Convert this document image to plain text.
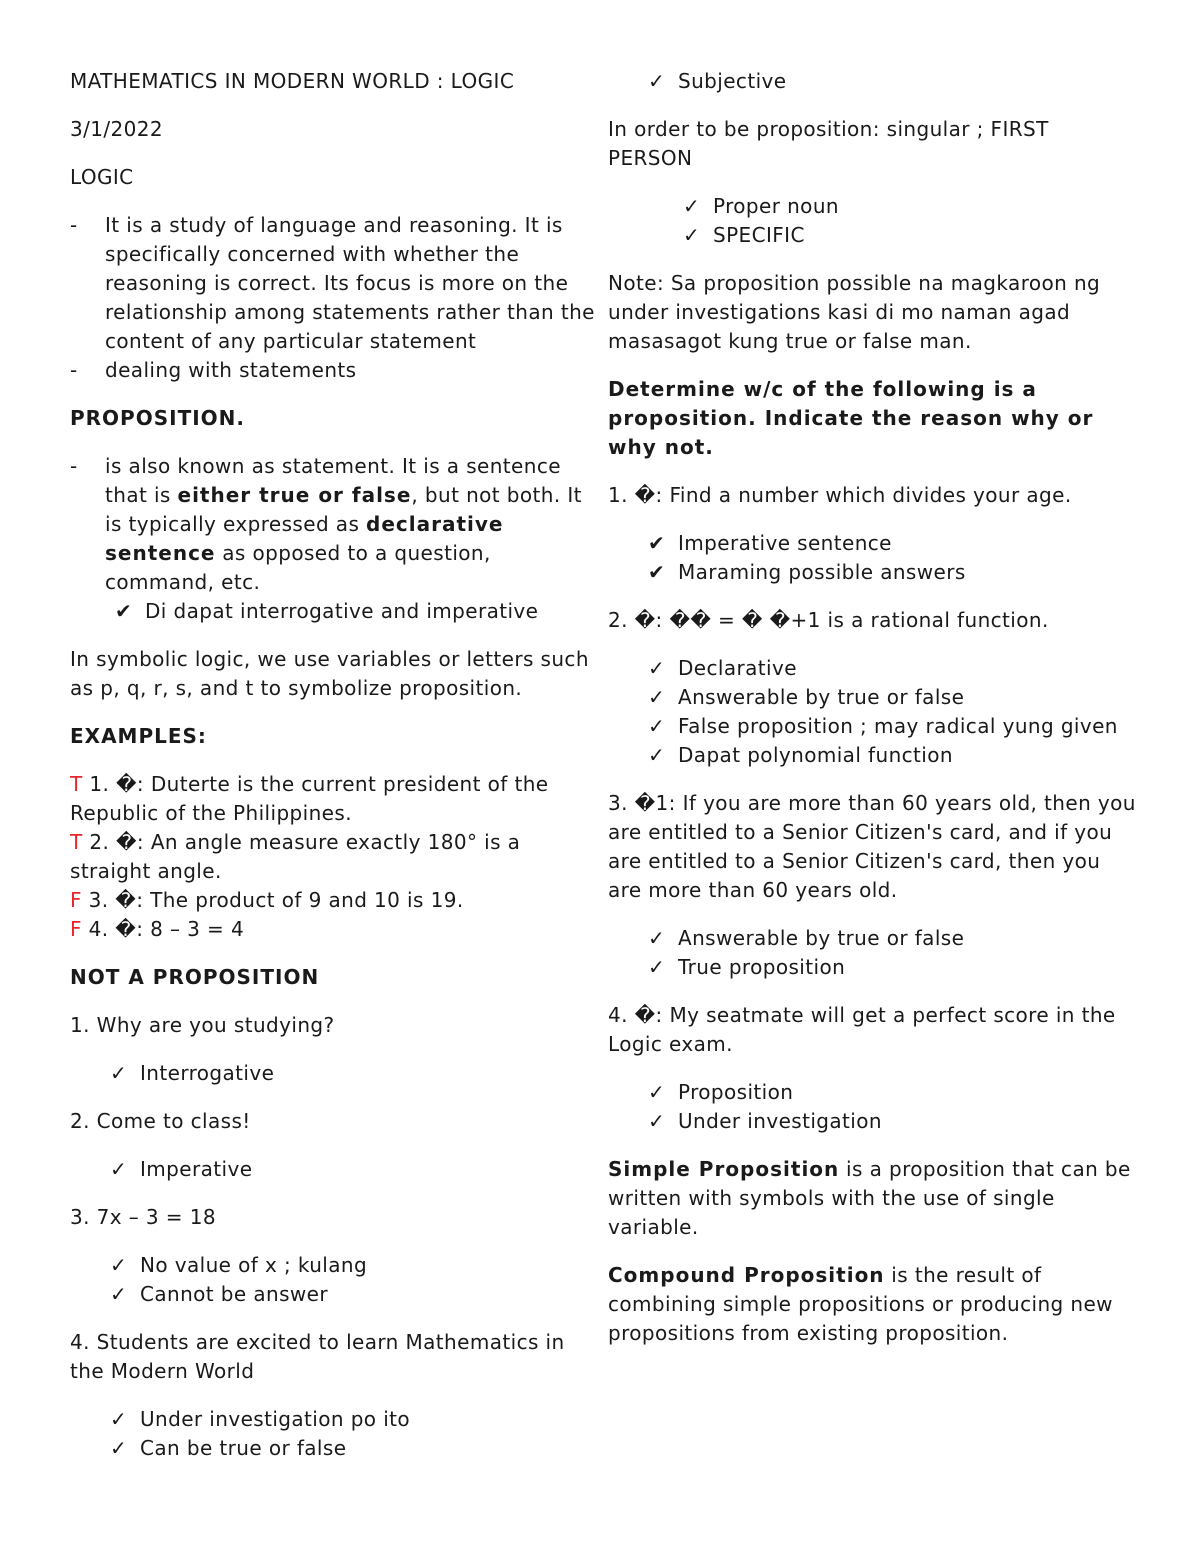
MATHEMATICS IN MODERN WORLD : LOGIC

3/1/2022

LOGIC

- It is a study of language and reasoning. It is specifically concerned with whether the reasoning is correct. Its focus is more on the relationship among statements rather than the content of any particular statement
- dealing with statements

PROPOSITION.

- is also known as statement. It is a sentence that is either true or false, but not both. It is typically expressed as declarative sentence as opposed to a question, command, etc.
✔ Di dapat interrogative and imperative

In symbolic logic, we use variables or letters such as p, q, r, s, and t to symbolize proposition.

EXAMPLES:

T 1. �: Duterte is the current president of the Republic of the Philippines.
T 2. �: An angle measure exactly 180° is a straight angle.
F 3. �: The product of 9 and 10 is 19.
F 4. �: 8 – 3 = 4

NOT A PROPOSITION

1. Why are you studying?

✓ Interrogative

2. Come to class!

✓ Imperative

3. 7x – 3 = 18

✓ No value of x ; kulang
✓ Cannot be answer

4. Students are excited to learn Mathematics in the Modern World

✓ Under investigation po ito
✓ Can be true or false
✓ Subjective

In order to be proposition: singular ; FIRST PERSON

✓ Proper noun
✓ SPECIFIC

Note: Sa proposition possible na magkaroon ng under investigations kasi di mo naman agad masasagot kung true or false man.

Determine w/c of the following is a proposition. Indicate the reason why or why not.

1. �: Find a number which divides your age.

✔ Imperative sentence
✔ Maraming possible answers

2. �: �� = � �+1 is a rational function.

✓ Declarative
✓ Answerable by true or false
✓ False proposition ; may radical yung given
✓ Dapat polynomial function

3. �1: If you are more than 60 years old, then you are entitled to a Senior Citizen's card, and if you are entitled to a Senior Citizen's card, then you are more than 60 years old.

✓ Answerable by true or false
✓ True proposition

4. �: My seatmate will get a perfect score in the Logic exam.

✓ Proposition
✓ Under investigation

Simple Proposition is a proposition that can be written with symbols with the use of single variable.

Compound Proposition is the result of combining simple propositions or producing new propositions from existing proposition.
